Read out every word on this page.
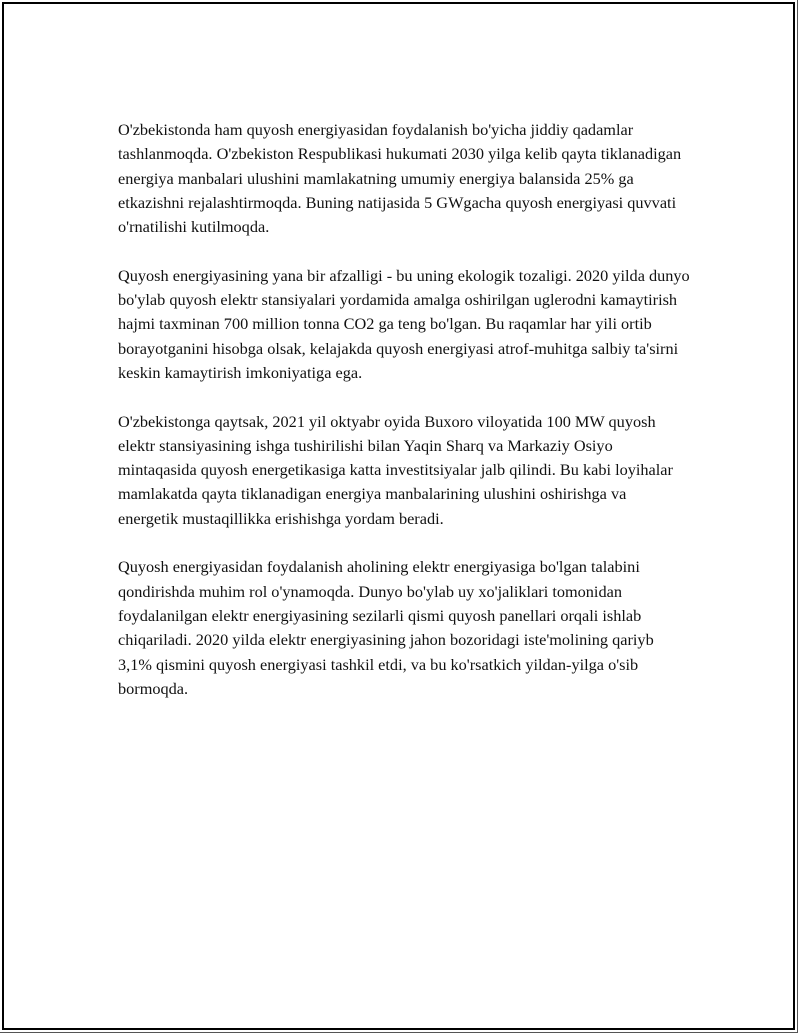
O'zbekistonda ham quyosh energiyasidan foydalanish bo'yicha jiddiy qadamlar tashlanmoqda. O'zbekiston Respublikasi hukumati 2030 yilga kelib qayta tiklanadigan energiya manbalari ulushini mamlakatning umumiy energiya balansida 25% ga etkazishni rejalashtirmoqda. Buning natijasida 5 GWgacha quyosh energiyasi quvvati o'rnatilishi kutilmoqda.

Quyosh energiyasining yana bir afzalligi - bu uning ekologik tozaligi. 2020 yilda dunyo bo'ylab quyosh elektr stansiyalari yordamida amalga oshirilgan uglerodni kamaytirish hajmi taxminan 700 million tonna CO2 ga teng bo'lgan. Bu raqamlar har yili ortib borayotganini hisobga olsak, kelajakda quyosh energiyasi atrof-muhitga salbiy ta'sirni keskin kamaytirish imkoniyatiga ega.

O'zbekistonga qaytsak, 2021 yil oktyabr oyida Buxoro viloyatida 100 MW quyosh elektr stansiyasining ishga tushirilishi bilan Yaqin Sharq va Markaziy Osiyo mintaqasida quyosh energetikasiga katta investitsiyalar jalb qilindi. Bu kabi loyihalar mamlakatda qayta tiklanadigan energiya manbalarining ulushini oshirishga va energetik mustaqillikka erishishga yordam beradi.

Quyosh energiyasidan foydalanish aholining elektr energiyasiga bo'lgan talabini qondirishda muhim rol o'ynamoqda. Dunyo bo'ylab uy xo'jaliklari tomonidan foydalanilgan elektr energiyasining sezilarli qismi quyosh panellari orqali ishlab chiqariladi. 2020 yilda elektr energiyasining jahon bozoridagi iste'molining qariyb 3,1% qismini quyosh energiyasi tashkil etdi, va bu ko'rsatkich yildan-yilga o'sib bormoqda.
